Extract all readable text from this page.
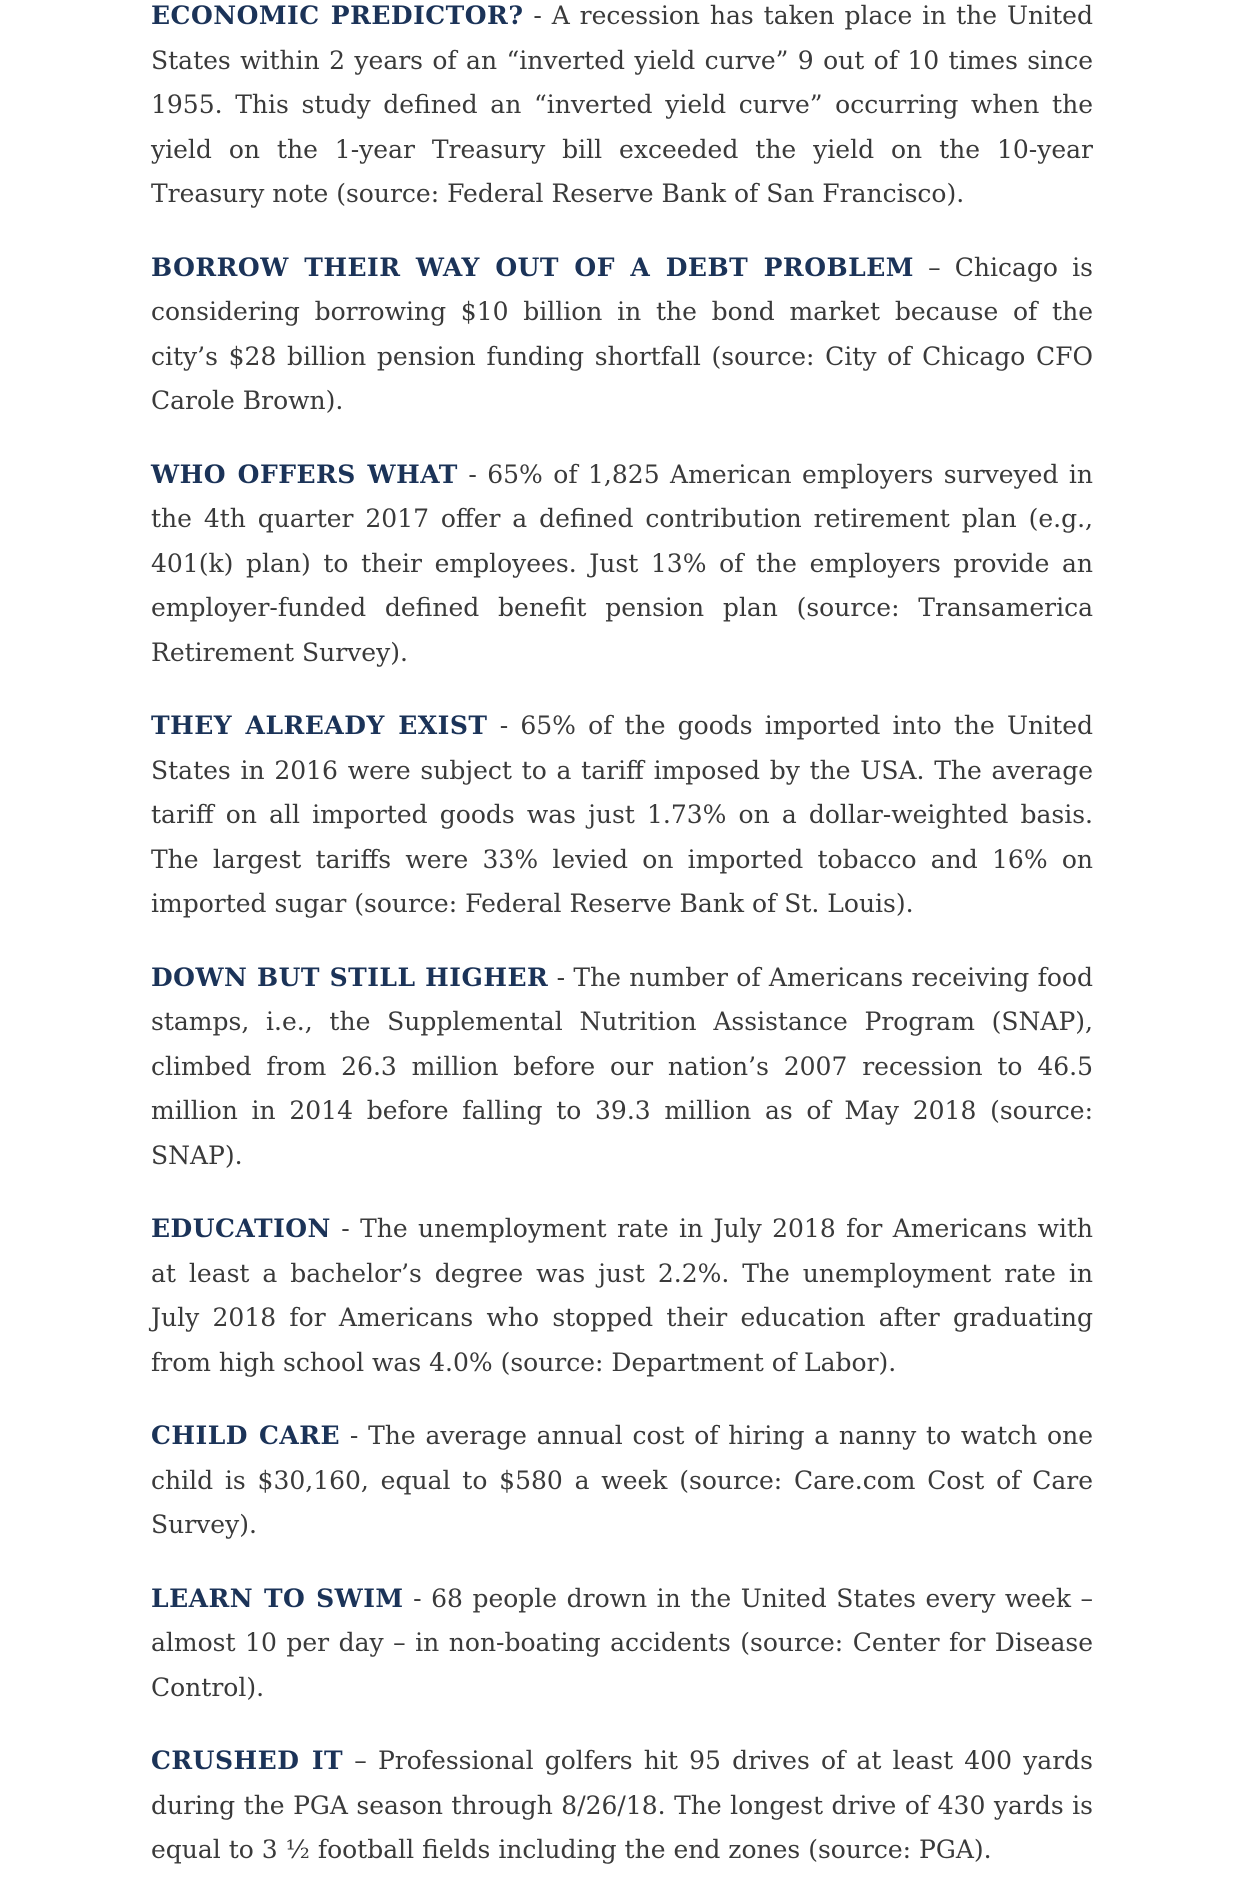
ECONOMIC PREDICTOR? - A recession has taken place in the United States within 2 years of an “inverted yield curve” 9 out of 10 times since 1955. This study defined an “inverted yield curve” occurring when the yield on the 1-year Treasury bill exceeded the yield on the 10-year Treasury note (source: Federal Reserve Bank of San Francisco).

BORROW THEIR WAY OUT OF A DEBT PROBLEM – Chicago is considering borrowing $10 billion in the bond market because of the city’s $28 billion pension funding shortfall (source: City of Chicago CFO Carole Brown).

WHO OFFERS WHAT - 65% of 1,825 American employers surveyed in the 4th quarter 2017 offer a defined contribution retirement plan (e.g., 401(k) plan) to their employees. Just 13% of the employers provide an employer-funded defined benefit pension plan (source: Transamerica Retirement Survey).

THEY ALREADY EXIST - 65% of the goods imported into the United States in 2016 were subject to a tariff imposed by the USA. The average tariff on all imported goods was just 1.73% on a dollar-weighted basis. The largest tariffs were 33% levied on imported tobacco and 16% on imported sugar (source: Federal Reserve Bank of St. Louis).

DOWN BUT STILL HIGHER - The number of Americans receiving food stamps, i.e., the Supplemental Nutrition Assistance Program (SNAP), climbed from 26.3 million before our nation’s 2007 recession to 46.5 million in 2014 before falling to 39.3 million as of May 2018 (source: SNAP).

EDUCATION - The unemployment rate in July 2018 for Americans with at least a bachelor’s degree was just 2.2%. The unemployment rate in July 2018 for Americans who stopped their education after graduating from high school was 4.0% (source: Department of Labor).

CHILD CARE - The average annual cost of hiring a nanny to watch one child is $30,160, equal to $580 a week (source: Care.com Cost of Care Survey).

LEARN TO SWIM - 68 people drown in the United States every week – almost 10 per day – in non-boating accidents (source: Center for Disease Control).

CRUSHED IT – Professional golfers hit 95 drives of at least 400 yards during the PGA season through 8/26/18. The longest drive of 430 yards is equal to 3 ½ football fields including the end zones (source: PGA).
